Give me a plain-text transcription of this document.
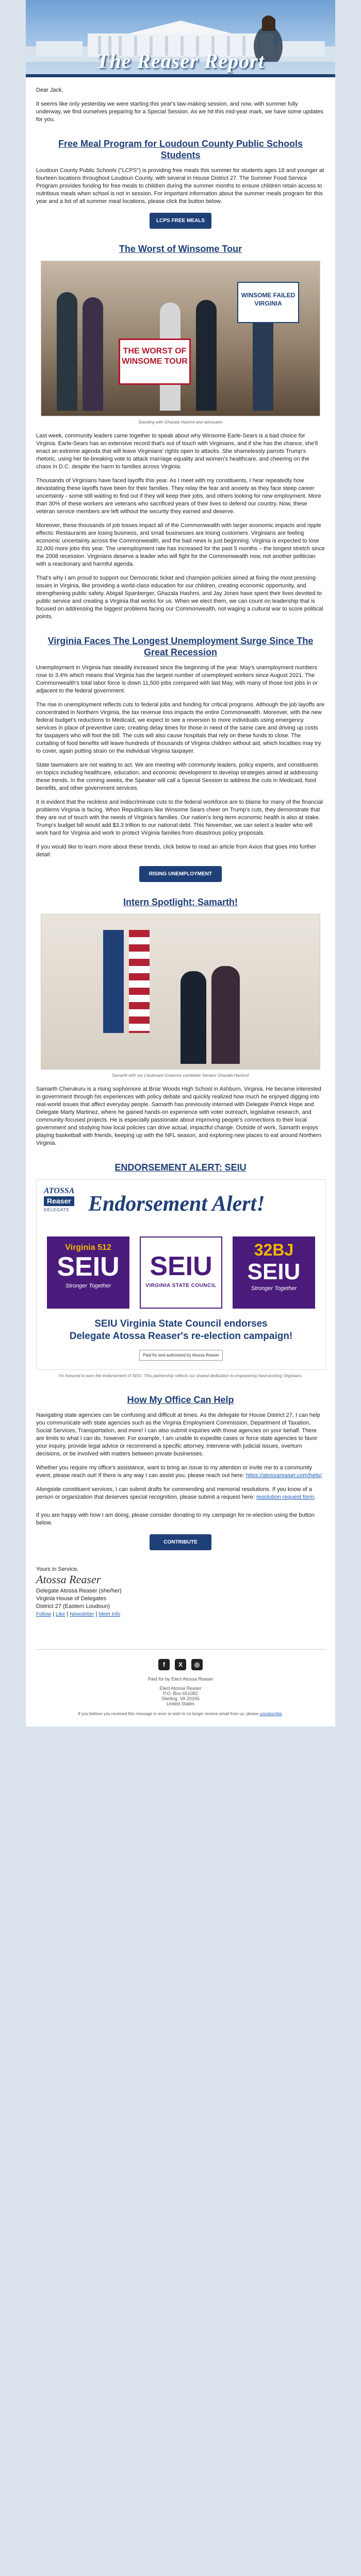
The Reaser Report

Dear Jack,

It seems like only yesterday we were starting this year's law-making session, and now, with summer fully underway, we find ourselves preparing for a Special Session. As we hit this mid-year mark, we have some updates for you.

Free Meal Program for Loudoun County Public Schools Students

Loudoun County Public Schools ("LCPS") is providing free meals this summer for students ages 18 and younger at fourteen locations throughout Loudoun County, with several in House District 27. The Summer Food Service Program provides funding for free meals to children during the summer months to ensure children retain access to nutritious meals when school is not in session. For important information about the summer meals program for this year and a list of all summer meal locations, please click the button below.

LCPS FREE MEALS
The Worst of Winsome Tour
THE WORST OF WINSOME TOUR
WINSOME FAILED VIRGINIA
Standing with Ghazala Hashmi and advocates

Last week, community leaders came together to speak about why Winsome Earle-Sears is a bad choice for Virginia. Earle-Sears has an extensive record that's out of touch with Virginians, and if she has the chance, she'll enact an extreme agenda that will leave Virginians' rights open to attacks. She shamelessly parrots Trump's rhetoric, using her tie-breaking vote to attack marriage equality and women's healthcare, and cheering on the chaos in D.C. despite the harm to families across Virginia.

Thousands of Virginians have faced layoffs this year. As I meet with my constituents, I hear repeatedly how devastating these layoffs have been for their families. They relay the fear and anxiety as they face steep career uncertainty - some still waiting to find out if they will keep their jobs, and others looking for new employment. More than 30% of these workers are veterans who sacrificed years of their lives to defend our country. Now, these veteran service members are left without the security they earned and deserve.

Moreover, these thousands of job losses impact all of the Commonwealth with larger economic impacts and ripple effects: Restaurants are losing business, and small businesses are losing customers. Virginians are feeling economic uncertainty across the Commonwealth, and the bad news is just beginning: Virginia is expected to lose 32,000 more jobs this year. The unemployment rate has increased for the past 5 months – the longest stretch since the 2008 recession. Virginians deserve a leader who will fight for the Commonwealth now, not another politician with a reactionary and harmful agenda.

That's why I am proud to support our Democratic ticket and champion policies aimed at fixing the most pressing issues in Virginia, like providing a world-class education for our children, creating economic opportunity, and strengthening public safety. Abigail Spanberger, Ghazala Hashmi, and Jay Jones have spent their lives devoted to public service and creating a Virginia that works for us. When we elect them, we can count on leadership that is focused on addressing the biggest problems facing our Commonwealth, not waging a cultural war to score political points.

Virginia Faces The Longest Unemployment Surge Since The Great Recession

Unemployment in Virginia has steadily increased since the beginning of the year. May's unemployment numbers rose to 3.4% which means that Virginia has the largest number of unemployed workers since August 2021. The Commonwealth's total labor force is down 11,500 jobs compared with last May, with many of those lost jobs in or adjacent to the federal government.

The rise in unemployment reflects cuts to federal jobs and funding for critical programs. Although the job layoffs are concentrated in Northern Virginia, the tax revenue loss impacts the entire Commonwealth. Moreover, with the new federal budget's reductions to Medicaid, we expect to see a reversion to more individuals using emergency services in place of preventive care, creating delay times for those in need of the same care and driving up costs for taxpayers who will foot the bill. The cuts will also cause hospitals that rely on these funds to close. The curtailing of food benefits will leave hundreds of thousands of Virginia children without aid, which localities may try to cover, again putting strain on the individual Virginia taxpayer.

State lawmakers are not waiting to act. We are meeting with community leaders, policy experts, and constituents on topics including healthcare, education, and economic development to develop strategies aimed at addressing these trends. In the coming weeks, the Speaker will call a Special Session to address the cuts in Medicaid, food benefits, and other government services.

It is evident that the reckless and indiscriminate cuts to the federal workforce are to blame for many of the financial problems Virginia is facing. When Republicans like Winsome Sears cheer on Trump's cuts, they demonstrate that they are out of touch with the needs of Virginia's families. Our nation's long-term economic health is also at stake. Trump's budget bill would add $3.3 trillion to our national debt. This November, we can select a leader who will work hard for Virginia and work to protect Virginia families from disastrous policy proposals.

If you would like to learn more about these trends, click below to read an article from Axios that goes into further detail:

RISING UNEMPLOYMENT
Intern Spotlight: Samarth!
Samarth with our Lieutenant Governor candidate Senator Ghazala Hashmi!

Samarth Cherukuru is a rising sophomore at Briar Woods High School in Ashburn, Virginia. He became interested in government through his experiences with policy debate and quickly realized how much he enjoyed digging into real-world issues that affect everyday people. Samarth has previously interned with Delegate Patrick Hope and Delegate Marty Martinez, where he gained hands-on experience with voter outreach, legislative research, and community-focused projects. He is especially passionate about improving people's connections to their local government and studying how local policies can drive actual, impactful change. Outside of work, Samarth enjoys playing basketball with friends, keeping up with the NFL season, and exploring new places to eat around Northern Virginia.

ENDORSEMENT ALERT: SEIU
ATOSSA
Reaser
DELEGATE Endorsement Alert!
Virginia 512
SEIU
Stronger Together
SEIU
VIRGINIA STATE COUNCIL
32BJ
SEIU
Stronger Together
SEIU Virginia State Council endorses
Delegate Atossa Reaser's re-election campaign!
Paid for and authorized by Atossa Reaser
I'm honored to earn the endorsement of SEIU. This partnership reflects our shared dedication to empowering hard-working Virginians.
How My Office Can Help

Navigating state agencies can be confusing and difficult at times. As the delegate for House District 27, I can help you communicate with state agencies such as the Virginia Employment Commission, Department of Taxation, Social Services, Transportation, and more! I can also submit inquiries with those agencies on your behalf. There are limits to what I can do, however. For example, I am unable to expedite cases or force state agencies to favor your inquiry, provide legal advice or recommend a specific attorney, intervene with judicial issues, overturn decisions, or be involved with matters between private businesses.

Whether you require my office's assistance, want to bring an issue to my attention or invite me to a community event, please reach out! If there is any way I can assist you, please reach out here: https://atossareaser.com/help/.

Alongside constituent services, I can submit drafts for commending and memorial resolutions. If you know of a person or organization that deserves special recognition, please submit a request here: resolution request form.

If you are happy with how I am doing, please consider donating to my campaign for re-election using the button below.

CONTRIBUTE

Yours in Service,

Atossa Reaser
Delegate Atossa Reaser (she/her)
Virginia House of Delegates
District 27 (Eastern Loudoun)
Follow | Like | Newsletter | Meet Info
f	X	◎
Paid for by Elect Atossa Reaser
Elect Atossa Reaser
P.O. Box 651082
Sterling, VA 20165
United States
If you believe you received this message in error or wish to no longer receive email from us, please unsubscribe.
